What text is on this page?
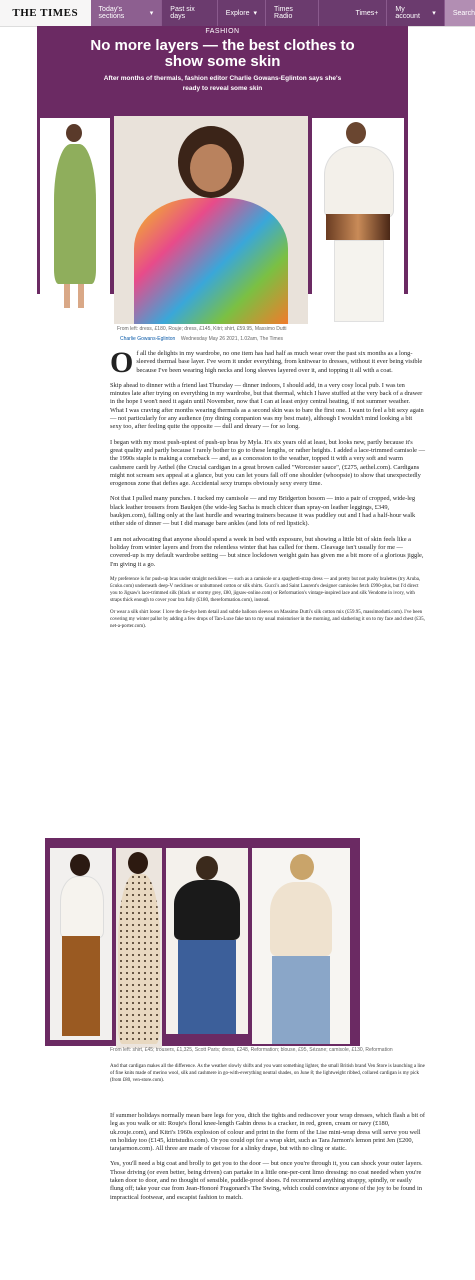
THE TIMES	Today's sections	▾
Past six days	Explore ▾
Times Radio	Times+ My account	▾ Search
FASHION
No more layers — the best clothes to show some skin
After months of thermals, fashion editor Charlie Gowans-Eglinton says she's ready to reveal some skin
From left: dress, £180, Rouje; dress, £145, Kitri; shirt, £59.95, Massimo Dutti
Charlie Gowans-Eglinton Wednesday May 26 2021, 1.02am, The Times

Of all the delights in my wardrobe, no one item has had half as much wear over the past six months as a long-sleeved thermal base layer. I've worn it under everything, from knitwear to dresses, without it ever being visible because I've been wearing high necks and long sleeves layered over it, and topping it all with a coat.

Skip ahead to dinner with a friend last Thursday — dinner indoors, I should add, in a very cosy local pub. I was ten minutes late after trying on everything in my wardrobe, but that thermal, which I have stuffed at the very back of a drawer in the hope I won't need it again until November, now that I can at least enjoy central heating, if not summer weather. What I was craving after months wearing thermals as a second skin was to bare the first one. I want to feel a bit sexy again — not particularly for any audience (my dining companion was my best mate), although I wouldn't mind looking a bit sexy too, after feeling quite the opposite — dull and dreary — for so long.

I began with my most push-upiest of push-up bras by Myla. It's six years old at least, but looks new, partly because it's great quality and partly because I rarely bother to go to these lengths, or rather heights. I added a lace-trimmed camisole — the 1990s staple is making a comeback — and, as a concession to the weather, topped it with a very soft and warm cashmere cardi by Aethel (the Crucial cardigan in a great brown called "Worcester sauce", (£275, aethel.com). Cardigans might not scream sex appeal at a glance, but you can let yours fall off one shoulder (whoopsie) to show that unexpectedly erogenous zone that defies age. Accidental sexy trumps obviously sexy every time.

Not that I pulled many punches. I tucked my camisole — and my Bridgerton bosom — into a pair of cropped, wide-leg black leather trousers from Baukjen (the wide-leg Sacha is much chicer than spray-on leather leggings, £349, baukjen.com), falling only at the last hurdle and wearing trainers because it was puddley out and I had a half-hour walk either side of dinner — but I did manage bare ankles (and lots of red lipstick).

I am not advocating that anyone should spend a week in bed with exposure, but showing a little bit of skin feels like a holiday from winter layers and from the relentless winter that has called for them. Cleavage isn't usually for me — covered-up is my default wardrobe setting — but since lockdown weight gain has given me a bit more of a glorious jiggle, I'm giving it a go.

My preference is for push-up bras under straight necklines — such as a camisole or a spaghetti-strap dress — and pretty but not pushy bralettes (try Aruba, £cuko.com) underneath deep-V necklines or unbuttoned cotton or silk shirts. Gucci's and Saint Laurent's designer camisoles fetch £990-plus, but I'd direct you to Jigsaw's lace-trimmed silk (black or stormy grey, £80, jigsaw-online.com) or Reformation's vintage-inspired lace and silk Vendome in ivory, with straps thick enough to cover your bra fully (£180, thereformation.com), instead.

Or wear a silk shirt loose: I love the tie-dye hem detail and subtle balloon sleeves on Massimo Dutti's silk cotton mix (£59.95, massimodutti.com). I've been covering my winter pallor by adding a few drops of Tan-Luxe fake tan to my usual moisturiser in the morning, and slathering it on to my face and chest (£35, net-a-porter.com).

From left: shirt, £45; trousers, £1,325, Scott Paris; dress, £248, Reformation; blouse, £95, Sézane; camisole, £130, Reformation

And that cardigan makes all the difference. As the weather slowly shifts and you want something lighter, the small British brand Ven Store is launching a line of fine knits made of merino wool, silk and cashmere in go-with-everything neutral shades, on June 8; the lightweight ribbed, collared cardigan is my pick (from £80, ven-store.com).

If summer holidays normally mean bare legs for you, ditch the tights and rediscover your wrap dresses, which flash a bit of leg as you walk or sit: Rouje's floral knee-length Gabin dress is a cracker, in red, green, cream or navy (£180, uk.rouje.com), and Kitri's 1960s explosion of colour and print in the form of the Lise mini-wrap dress will serve you well on holiday too (£145, kitristudio.com). Or you could opt for a wrap skirt, such as Tara Jarmon's lemon print Jen (£200, tarajarmon.com). All three are made of viscose for a slinky drape, but with no cling or static.

Yes, you'll need a big coat and brolly to get you to the door — but once you're through it, you can shock your outer layers. Those driving (or even better, being driven) can partake in a little one-per-cent limo dressing: no coat needed when you're taken door to door, and no thought of sensible, puddle-proof shoes. I'd recommend anything strappy, spindly, or easily flung off; take your cue from Jean-Honoré Fragonard's The Swing, which could convince anyone of the joy to be found in impractical footwear, and escapist fashion to match.
